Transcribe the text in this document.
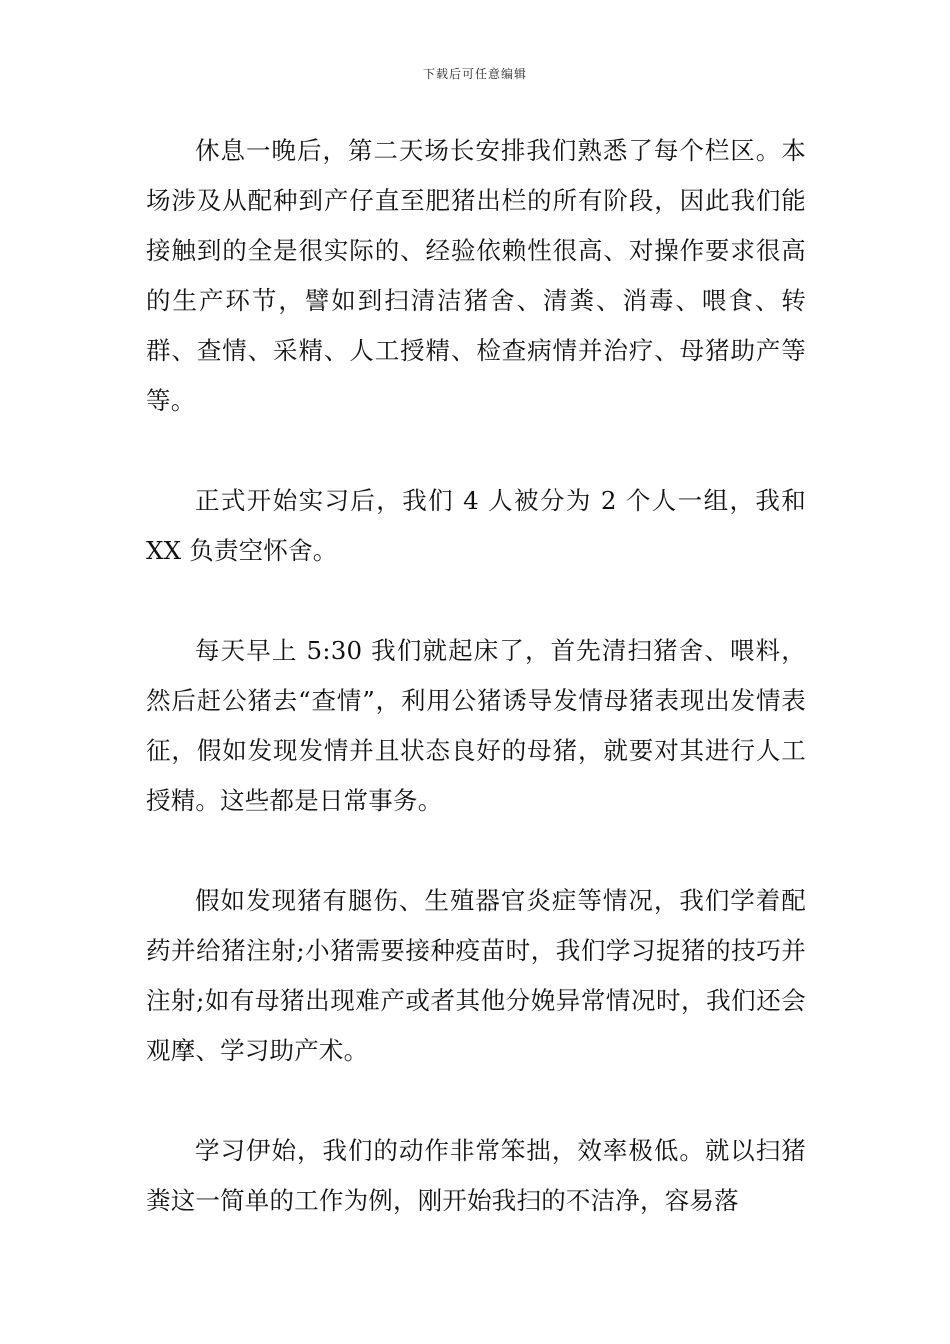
下载后可任意编辑

休息一晚后，第二天场长安排我们熟悉了每个栏区。本场涉及从配种到产仔直至肥猪出栏的所有阶段，因此我们能接触到的全是很实际的、经验依赖性很高、对操作要求很高的生产环节，譬如到扫清洁猪舍、清粪、消毒、喂食、转群、查情、采精、人工授精、检查病情并治疗、母猪助产等等。

正式开始实习后，我们 4 人被分为 2 个人一组，我和 XX 负责空怀舍。

每天早上 5:30 我们就起床了，首先清扫猪舍、喂料，然后赶公猪去“查情”，利用公猪诱导发情母猪表现出发情表征，假如发现发情并且状态良好的母猪，就要对其进行人工授精。这些都是日常事务。

假如发现猪有腿伤、生殖器官炎症等情况，我们学着配药并给猪注射;小猪需要接种疫苗时，我们学习捉猪的技巧并注射;如有母猪出现难产或者其他分娩异常情况时，我们还会观摩、学习助产术。

学习伊始，我们的动作非常笨拙，效率极低。就以扫猪粪这一简单的工作为例，刚开始我扫的不洁净，容易落
